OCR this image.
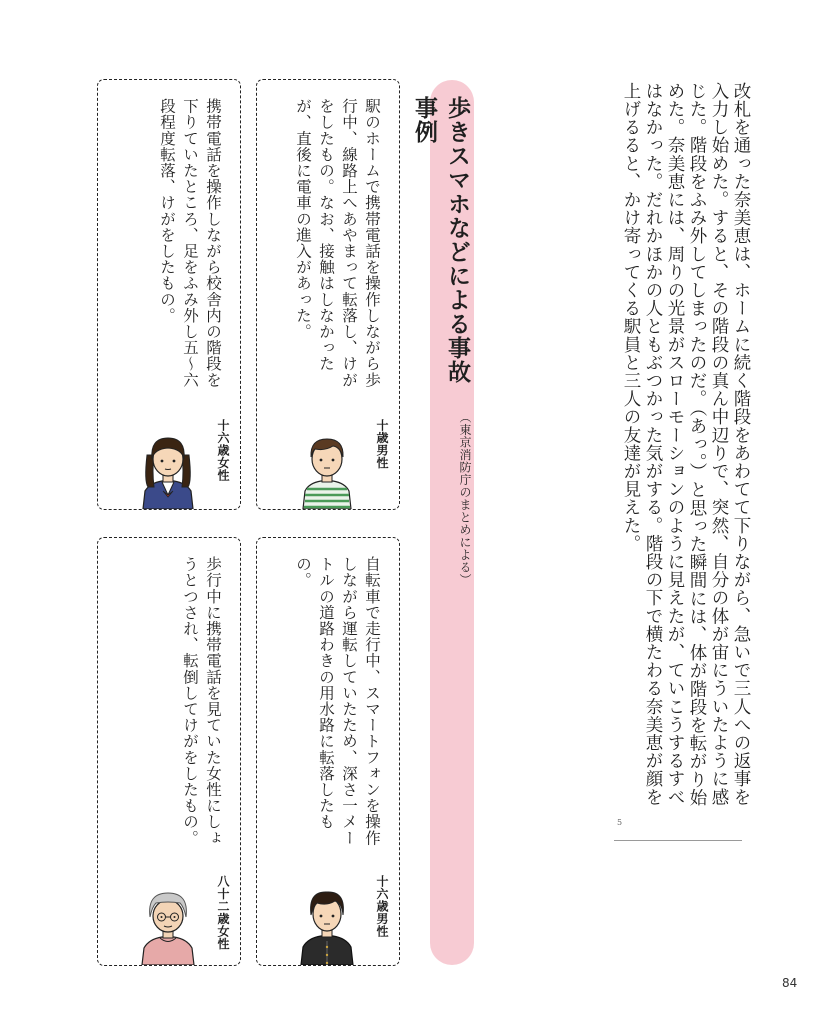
改札を通った奈美恵は、ホームに続く階段をあわてて下りながら、急いで三人への返事を入力し始めた。すると、その階段の真ん中辺りで、突然、自分の体が宙にういたように感じた。階段をふみ外してしまったのだ。（あっ。）と思った瞬間には、体が階段を転がり始めた。奈美恵には、周りの光景がスローモーションのように見えたが、ていこうするすべはなかった。だれかほかの人ともぶつかった気がする。階段の下で横たわる奈美恵が顔を上げるると、かけ寄ってくる駅員と三人の友達が見えた。

5
歩きスマホなどによる事故事例
（東京消防庁のまとめによる）
駅のホームで携帯電話を操作しながら歩行中、線路上へあやまって転落し、けがをしたもの。なお、接触はしなかったが、直後に電車の進入があった。
十歳男性
携帯電話を操作しながら校舎内の階段を下りていたところ、足をふみ外し五～六段程度転落、けがをしたもの。
十六歳女性
自転車で走行中、スマートフォンを操作しながら運転していたため、深さ一メートルの道路わきの用水路に転落したもの。
十六歳男性
歩行中に携帯電話を見ていた女性にしょうとつされ、転倒してけがをしたもの。
八十二歳女性
84
